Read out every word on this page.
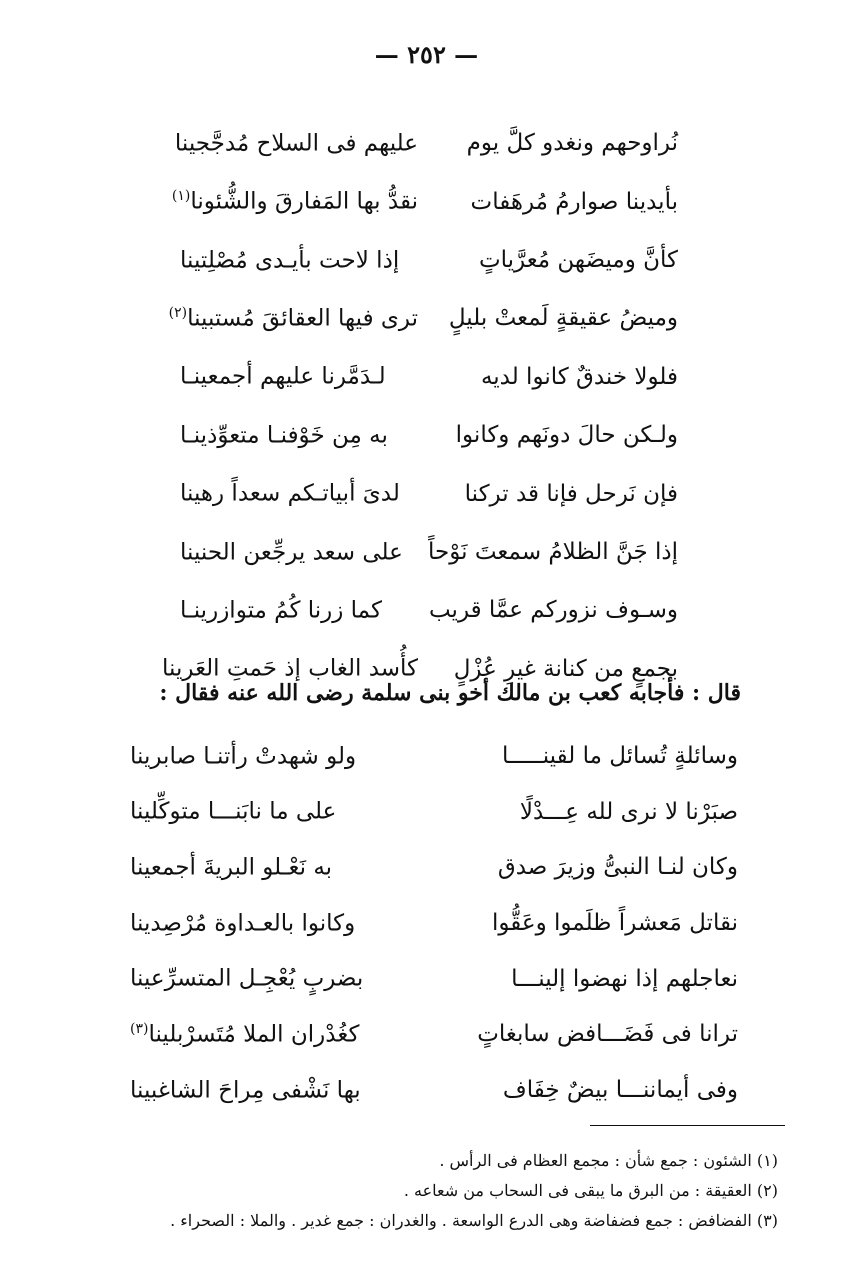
— ٢٥٢ —
نُراوحهم ونغدو كلَّ يوم
عليهم فى السلاح مُدجَّجينا
بأيدينا صوارمُ مُرهَفات
نقدُّ بها المَفارقَ والشُّئونا$^{(١)}$
كأنَّ وميضَهن مُعرَّياتٍ
إذا لاحت بأيـدى مُصْلِتينا
وميضُ عقيقةٍ لَمعتْ بليلٍ
ترى فيها العقائقَ مُستبينا$^{(٢)}$
فلولا خندقٌ كانوا لديه
لـدَمَّرنا عليهم أجمعينـا
ولـكن حالَ دونَهم وكانوا
به مِن خَوْفنـا متعوِّذينـا
فإن نَرحل فإنا قد تركنا
لدىَ أبياتـكم سعداً رهينا
إذا جَنَّ الظلامُ سمعتَ نَوْحاً
على سعد يرجِّعن الحنينا
وسـوف نزوركم عمَّا قريب
كما زرنا كُمُ متوازرينـا
بجمعٍ من كنانة غيرِ عُزْلٍ
كأُسد الغاب إذ حَمتِ العَرينا
قال : فأجابه كعب بن مالك أخو بنى سلمة رضى الله عنه فقال :
وسائلةٍ تُسائل ما لقينـــــا
ولو شهدتْ رأتنـا صابرينا
صبَرْنا لا نرى لله عِـــدْلًا
على ما نابَنـــا متوكِّلينا
وكان لنـا النبىُّ وزيرَ صدق
به نَعْـلو البريةَ أجمعينا
نقاتل مَعشراً ظلَموا وعَقُّوا
وكانوا بالعـداوة مُرْصِدينا
نعاجلهم إذا نهضوا إلينـــا
بضربٍ يُعْجِـل المتسرِّعينا
ترانا فى فَضَـــافض سابغاتٍ
كغُدْران الملا مُتَسرْبلينا$^{(٣)}$
وفى أيماننـــا بيضٌ خِفَاف
بها نَشْفى مِراحَ الشاغبينا
(١) الشئون : جمع شأن : مجمع العظام فى الرأس .
(٢) العقيقة : من البرق ما يبقى فى السحاب من شعاعه .
(٣) الفضافض : جمع فضفاضة وهى الدرع الواسعة . والغدران : جمع غدير . والملا : الصحراء .
